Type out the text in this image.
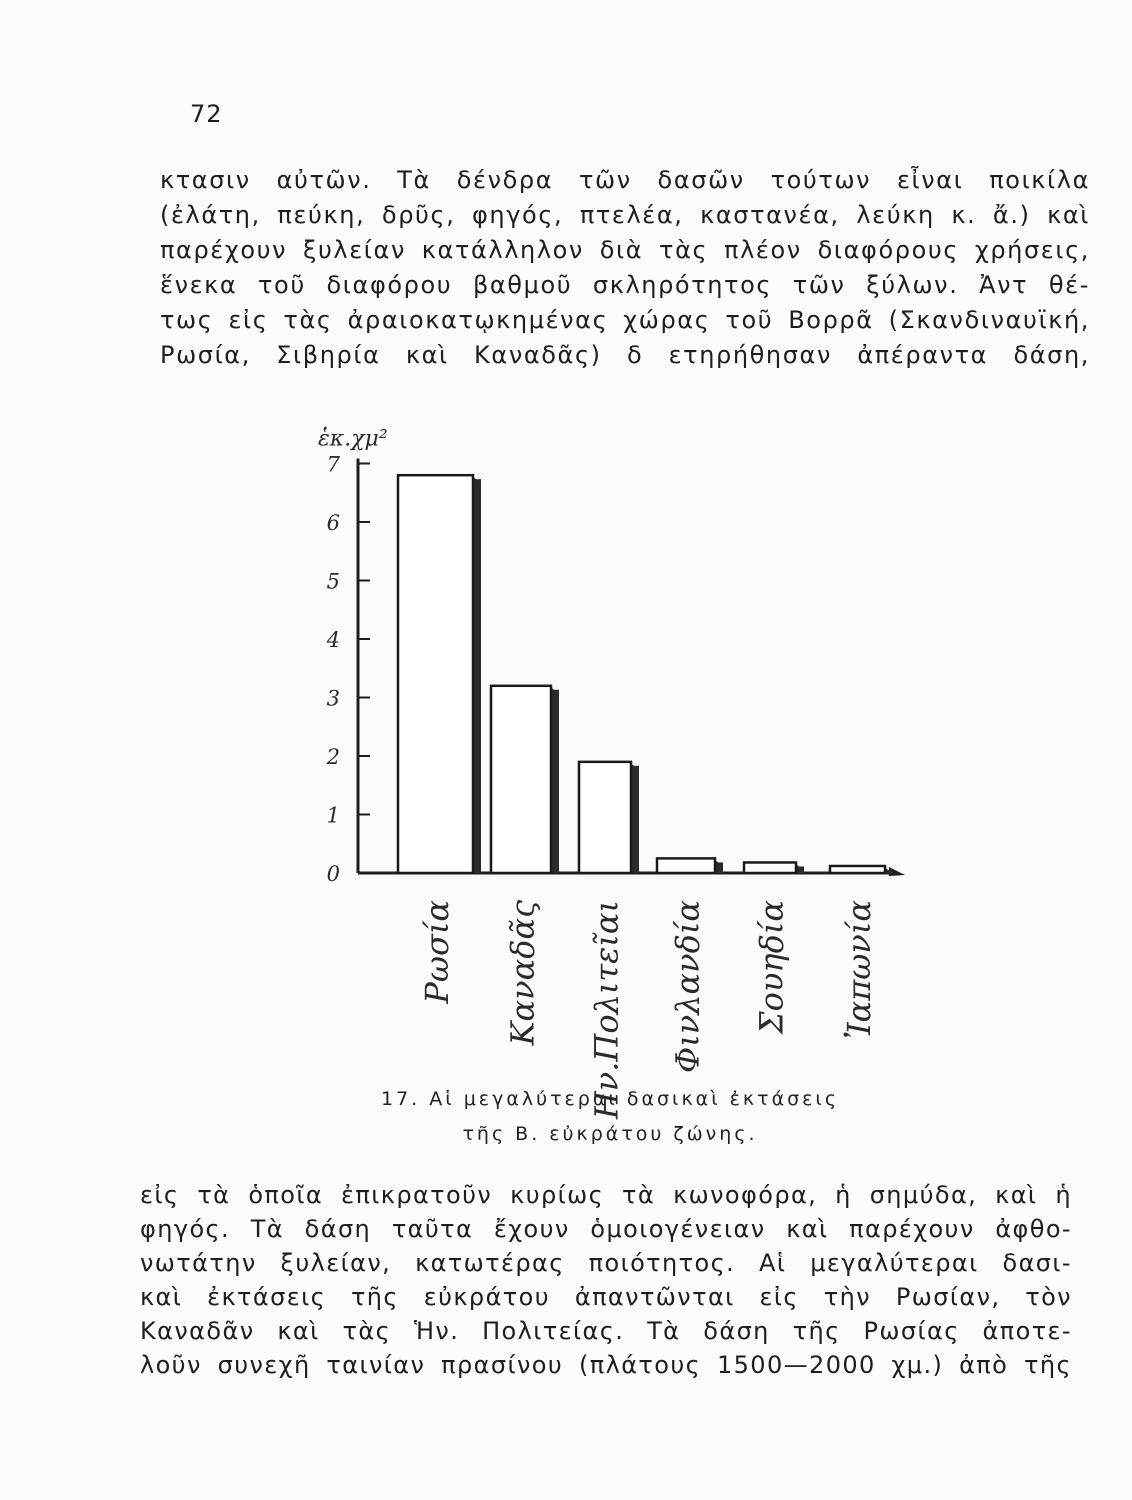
72
κτασιν αὐτῶν. Τὰ δένδρα τῶν δασῶν τούτων εἶναι ποικίλα
(ἐλάτη, πεύκη, δρῦς, φηγός, πτελέα, καστανέα, λεύκη κ. ἄ.) καὶ
παρέχουν ξυλείαν κατάλληλον διὰ τὰς πλέον διαφόρους χρήσεις,
ἕνεκα τοῦ διαφόρου βαθμοῦ σκληρότητος τῶν ξύλων. Ἀντ θέ-
τως εἰς τὰς ἀραιοκατῳκημένας χώρας τοῦ Βορρᾶ (Σκανδιναυϊκή,
Ρωσία, Σιβηρία καὶ Καναδᾶς) δ ετηρήθησαν ἀπέραντα δάση,
0
1
2
3
4
5
6
7
ἑκ.χμ²
Ρωσία Καναδᾶς Ην.Πολιτεῖαι Φινλανδία Σουηδία Ἰαπωνία
17. Αἱ μεγαλύτεραι δασικαὶ ἐκτάσεις
τῆς Β. εὐκράτου ζώνης.
εἰς τὰ ὁποῖα ἐπικρατοῦν κυρίως τὰ κωνοφόρα, ἡ σημύδα, καὶ ἡ
φηγός. Τὰ δάση ταῦτα ἔχουν ὁμοιογένειαν καὶ παρέχουν ἀφθο-
νωτάτην ξυλείαν, κατωτέρας ποιότητος. Αἱ μεγαλύτεραι δασι-
καὶ ἐκτάσεις τῆς εὐκράτου ἀπαντῶνται εἰς τὴν Ρωσίαν, τὸν
Καναδᾶν καὶ τὰς Ἡν. Πολιτείας. Τὰ δάση τῆς Ρωσίας ἀποτε-
λοῦν συνεχῆ ταινίαν πρασίνου (πλάτους 1500—2000 χμ.) ἀπὸ τῆς
